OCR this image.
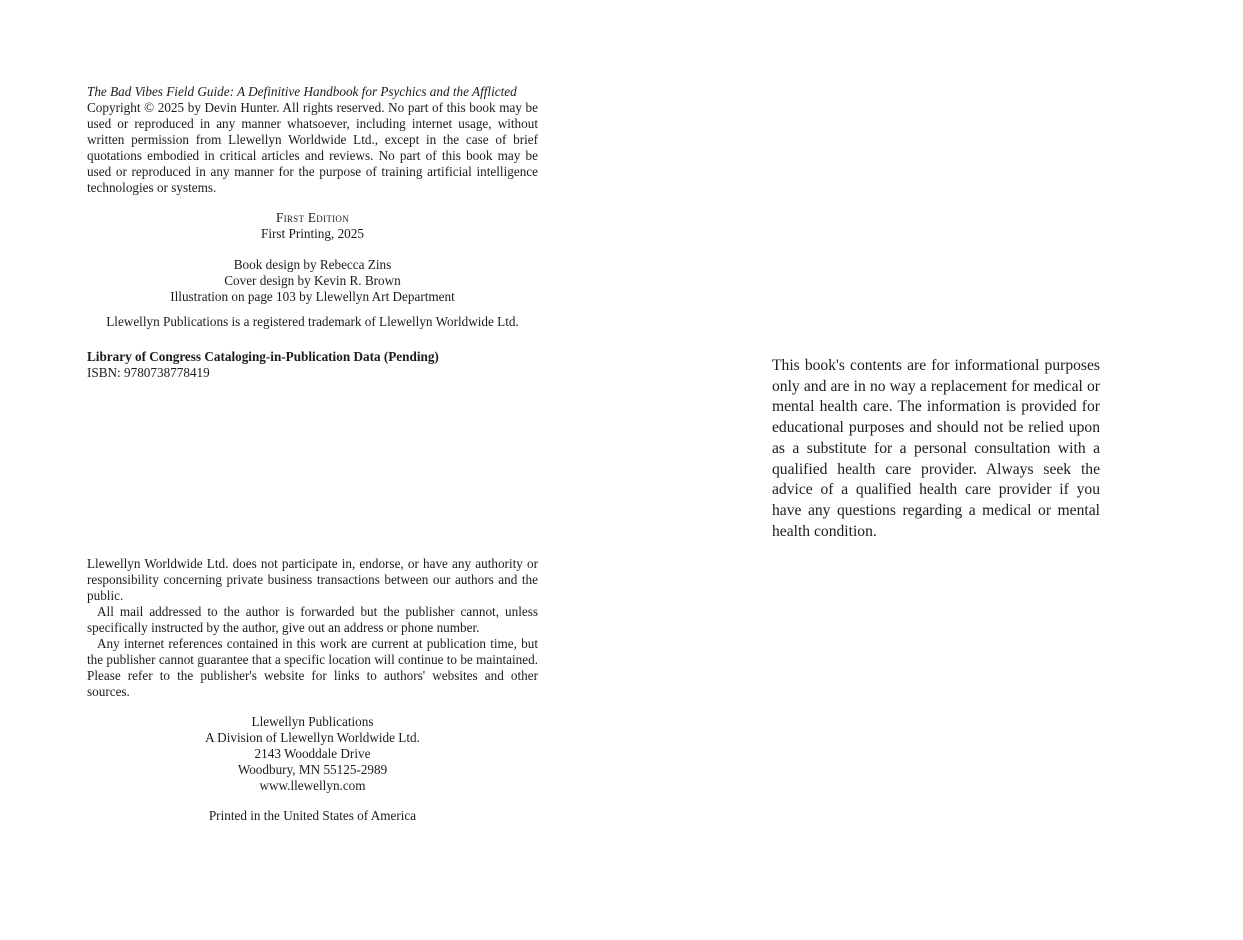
The Bad Vibes Field Guide: A Definitive Handbook for Psychics and the Afflicted

Copyright © 2025 by Devin Hunter. All rights reserved. No part of this book may be used or reproduced in any manner whatsoever, including internet usage, without written permission from Llewellyn Worldwide Ltd., except in the case of brief quotations embodied in critical articles and reviews. No part of this book may be used or reproduced in any manner for the purpose of training artificial intelligence technologies or systems.

First Edition

First Printing, 2025

Book design by Rebecca Zins

Cover design by Kevin R. Brown

Illustration on page 103 by Llewellyn Art Department

Llewellyn Publications is a registered trademark of Llewellyn Worldwide Ltd.

Library of Congress Cataloging-in-Publication Data (Pending)

ISBN: 9780738778419

Llewellyn Worldwide Ltd. does not participate in, endorse, or have any authority or responsibility concerning private business transactions between our authors and the public.

All mail addressed to the author is forwarded but the publisher cannot, unless specifically instructed by the author, give out an address or phone number.

Any internet references contained in this work are current at publication time, but the publisher cannot guarantee that a specific location will continue to be maintained. Please refer to the publisher's website for links to authors' websites and other sources.

Llewellyn Publications

A Division of Llewellyn Worldwide Ltd.

2143 Wooddale Drive

Woodbury, MN 55125-2989

www.llewellyn.com

Printed in the United States of America

This book's contents are for informational purposes only and are in no way a replacement for medical or mental health care. The information is provided for educational purposes and should not be relied upon as a substitute for a personal consultation with a qualified health care provider. Always seek the advice of a qualified health care provider if you have any questions regarding a medical or mental health condition.
